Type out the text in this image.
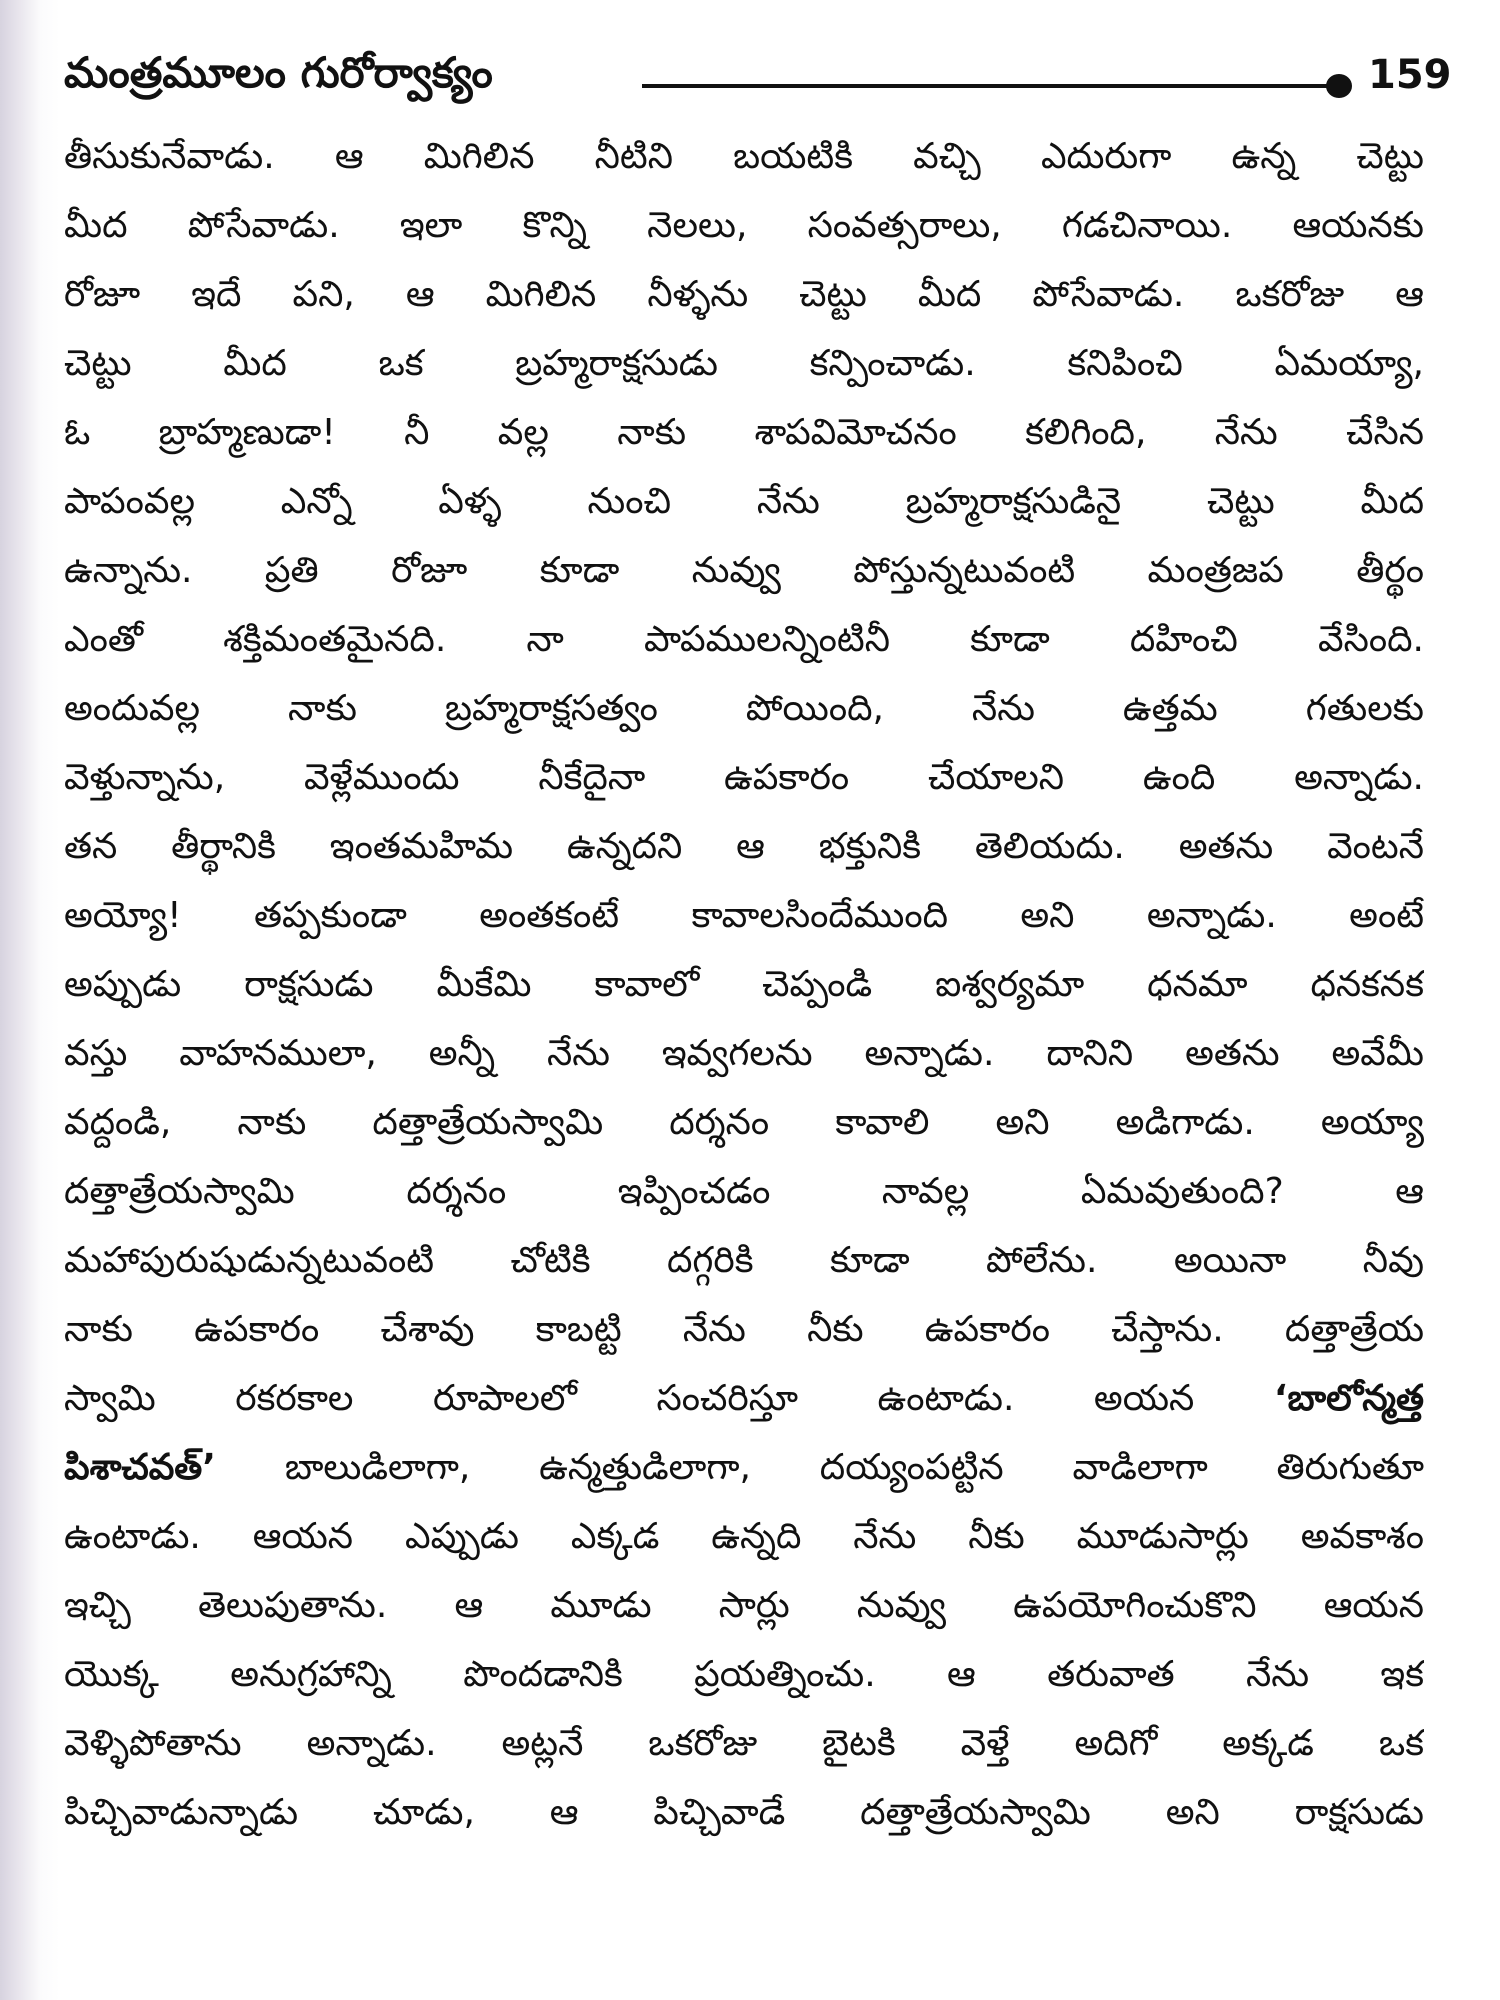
మంత్రమూలం గురోర్వాక్యం	159
తీసుకునేవాడు. ఆ మిగిలిన నీటిని బయటికి వచ్చి ఎదురుగా ఉన్న చెట్టు
మీద పోసేవాడు. ఇలా కొన్ని నెలలు, సంవత్సరాలు, గడచినాయి. ఆయనకు
రోజూ ఇదే పని, ఆ మిగిలిన నీళ్ళను చెట్టు మీద పోసేవాడు. ఒకరోజు ఆ
చెట్టు మీద ఒక బ్రహ్మరాక్షసుడు కన్పించాడు. కనిపించి ఏమయ్యా,
ఓ బ్రాహ్మణుడా! నీ వల్ల నాకు శాపవిమోచనం కలిగింది, నేను చేసిన
పాపంవల్ల ఎన్నో ఏళ్ళ నుంచి నేను బ్రహ్మరాక్షసుడినై చెట్టు మీద
ఉన్నాను. ప్రతి రోజూ కూడా నువ్వు పోస్తున్నటువంటి మంత్రజప తీర్థం
ఎంతో శక్తిమంతమైనది. నా పాపములన్నింటినీ కూడా దహించి వేసింది.
అందువల్ల నాకు బ్రహ్మరాక్షసత్వం పోయింది, నేను ఉత్తమ గతులకు
వెళ్తున్నాను, వెళ్లేముందు నీకేదైనా ఉపకారం చేయాలని ఉంది అన్నాడు.
తన తీర్థానికి ఇంతమహిమ ఉన్నదని ఆ భక్తునికి తెలియదు. అతను వెంటనే
అయ్యో! తప్పకుండా అంతకంటే కావాలసిందేముంది అని అన్నాడు. అంటే
అప్పుడు రాక్షసుడు మీకేమి కావాలో చెప్పండి ఐశ్వర్యమా ధనమా ధనకనక
వస్తు వాహనములా, అన్నీ నేను ఇవ్వగలను అన్నాడు. దానిని అతను అవేమీ
వద్దండి, నాకు దత్తాత్రేయస్వామి దర్శనం కావాలి అని అడిగాడు. అయ్యా
దత్తాత్రేయస్వామి దర్శనం ఇప్పించడం నావల్ల ఏమవుతుంది? ఆ
మహాపురుషుడున్నటువంటి చోటికి దగ్గరికి కూడా పోలేను. అయినా నీవు
నాకు ఉపకారం చేశావు కాబట్టి నేను నీకు ఉపకారం చేస్తాను. దత్తాత్రేయ
స్వామి రకరకాల రూపాలలో సంచరిస్తూ ఉంటాడు. అయన ‘బాలోన్మత్త
పిశాచవత్’ బాలుడిలాగా, ఉన్మత్తుడిలాగా, దయ్యంపట్టిన వాడిలాగా తిరుగుతూ
ఉంటాడు. ఆయన ఎప్పుడు ఎక్కడ ఉన్నది నేను నీకు మూడుసార్లు అవకాశం
ఇచ్చి తెలుపుతాను. ఆ మూడు సార్లు నువ్వు ఉపయోగించుకొని ఆయన
యొక్క అనుగ్రహాన్ని పొందడానికి ప్రయత్నించు. ఆ తరువాత నేను ఇక
వెళ్ళిపోతాను అన్నాడు. అట్లనే ఒకరోజు బైటకి వెళ్తే అదిగో అక్కడ ఒక
పిచ్చివాడున్నాడు చూడు, ఆ పిచ్చివాడే దత్తాత్రేయస్వామి అని రాక్షసుడు
